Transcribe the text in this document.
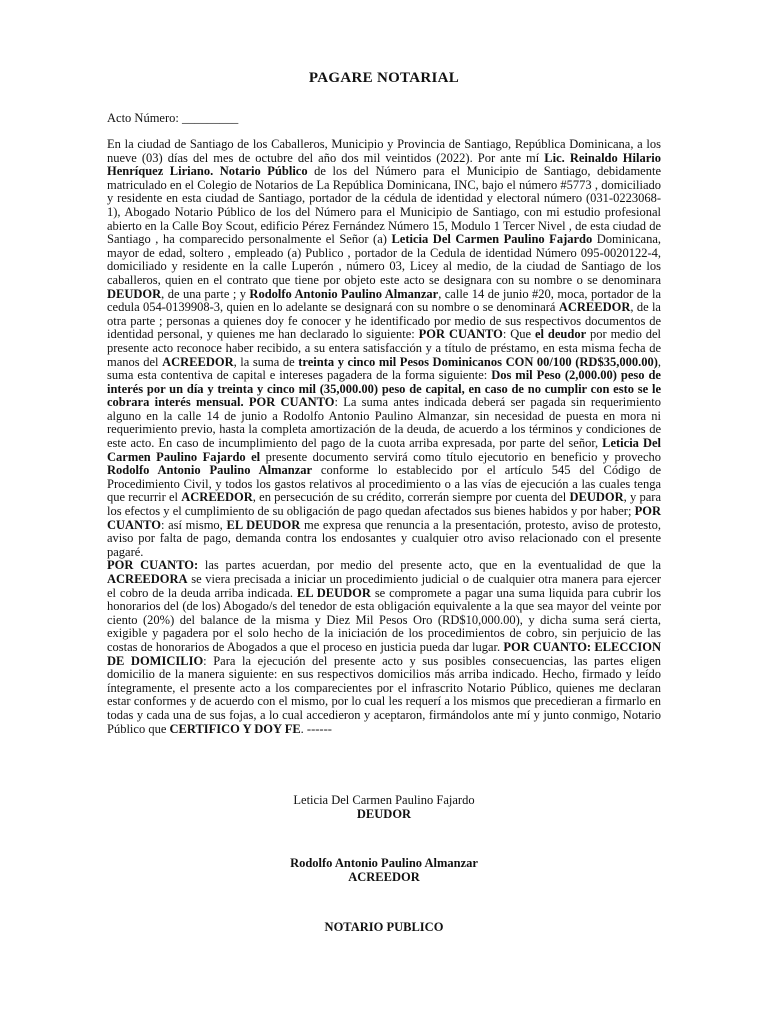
PAGARE NOTARIAL
Acto Número: _________

En la ciudad de Santiago de los Caballeros, Municipio y Provincia de Santiago, República Dominicana, a los nueve (03) días del mes de octubre del año dos mil veintidos (2022). Por ante mí Lic. Reinaldo Hilario Henríquez Liriano. Notario Público de los del Número para el Municipio de Santiago, debidamente matriculado en el Colegio de Notarios de La República Dominicana, INC, bajo el número #5773 , domiciliado y residente en esta ciudad de Santiago, portador de la cédula de identidad y electoral número (031-0223068-1), Abogado Notario Público de los del Número para el Municipio de Santiago, con mi estudio profesional abierto en la Calle Boy Scout, edificio Pérez Fernández Número 15, Modulo 1 Tercer Nivel , de esta ciudad de Santiago , ha comparecido personalmente el Señor (a) Leticia Del Carmen Paulino Fajardo Dominicana, mayor de edad, soltero , empleado (a) Publico , portador de la Cedula de identidad Número 095-0020122-4, domiciliado y residente en la calle Luperón , número 03, Licey al medio, de la ciudad de Santiago de los caballeros, quien en el contrato que tiene por objeto este acto se designara con su nombre o se denominara DEUDOR, de una parte ; y Rodolfo Antonio Paulino Almanzar, calle 14 de junio #20, moca, portador de la cedula 054-0139908-3, quien en lo adelante se designará con su nombre o se denominará ACREEDOR, de la otra parte ; personas a quienes doy fe conocer y he identificado por medio de sus respectivos documentos de identidad personal, y quienes me han declarado lo siguiente: POR CUANTO: Que el deudor por medio del presente acto reconoce haber recibido, a su entera satisfacción y a título de préstamo, en esta misma fecha de manos del ACREEDOR, la suma de treinta y cinco mil Pesos Dominicanos CON 00/100 (RD$35,000.00), suma esta contentiva de capital e intereses pagadera de la forma siguiente: Dos mil Peso (2,000.00) peso de interés por un día y treinta y cinco mil (35,000.00) peso de capital, en caso de no cumplir con esto se le cobrara interés mensual. POR CUANTO: La suma antes indicada deberá ser pagada sin requerimiento alguno en la calle 14 de junio a Rodolfo Antonio Paulino Almanzar, sin necesidad de puesta en mora ni requerimiento previo, hasta la completa amortización de la deuda, de acuerdo a los términos y condiciones de este acto. En caso de incumplimiento del pago de la cuota arriba expresada, por parte del señor, Leticia Del Carmen Paulino Fajardo el presente documento servirá como título ejecutorio en beneficio y provecho Rodolfo Antonio Paulino Almanzar conforme lo establecido por el artículo 545 del Código de Procedimiento Civil, y todos los gastos relativos al procedimiento o a las vías de ejecución a las cuales tenga que recurrir el ACREEDOR, en persecución de su crédito, correrán siempre por cuenta del DEUDOR, y para los efectos y el cumplimiento de su obligación de pago quedan afectados sus bienes habidos y por haber; POR CUANTO: así mismo, EL DEUDOR me expresa que renuncia a la presentación, protesto, aviso de protesto, aviso por falta de pago, demanda contra los endosantes y cualquier otro aviso relacionado con el presente pagaré.

POR CUANTO: las partes acuerdan, por medio del presente acto, que en la eventualidad de que la ACREEDORA se viera precisada a iniciar un procedimiento judicial o de cualquier otra manera para ejercer el cobro de la deuda arriba indicada. EL DEUDOR se compromete a pagar una suma liquida para cubrir los honorarios del (de los) Abogado/s del tenedor de esta obligación equivalente a la que sea mayor del veinte por ciento (20%) del balance de la misma y Diez Mil Pesos Oro (RD$10,000.00), y dicha suma será cierta, exigible y pagadera por el solo hecho de la iniciación de los procedimientos de cobro, sin perjuicio de las costas de honorarios de Abogados a que el proceso en justicia pueda dar lugar. POR CUANTO: ELECCION DE DOMICILIO: Para la ejecución del presente acto y sus posibles consecuencias, las partes eligen domicilio de la manera siguiente: en sus respectivos domicilios más arriba indicado. Hecho, firmado y leído íntegramente, el presente acto a los comparecientes por el infrascrito Notario Público, quienes me declaran estar conformes y de acuerdo con el mismo, por lo cual les requerí a los mismos que precedieran a firmarlo en todas y cada una de sus fojas, a lo cual accedieron y aceptaron, firmándolos ante mí y junto conmigo, Notario Público que CERTIFICO Y DOY FE. ------

Leticia Del Carmen Paulino Fajardo
DEUDOR
Rodolfo Antonio Paulino Almanzar
ACREEDOR
NOTARIO PUBLICO
